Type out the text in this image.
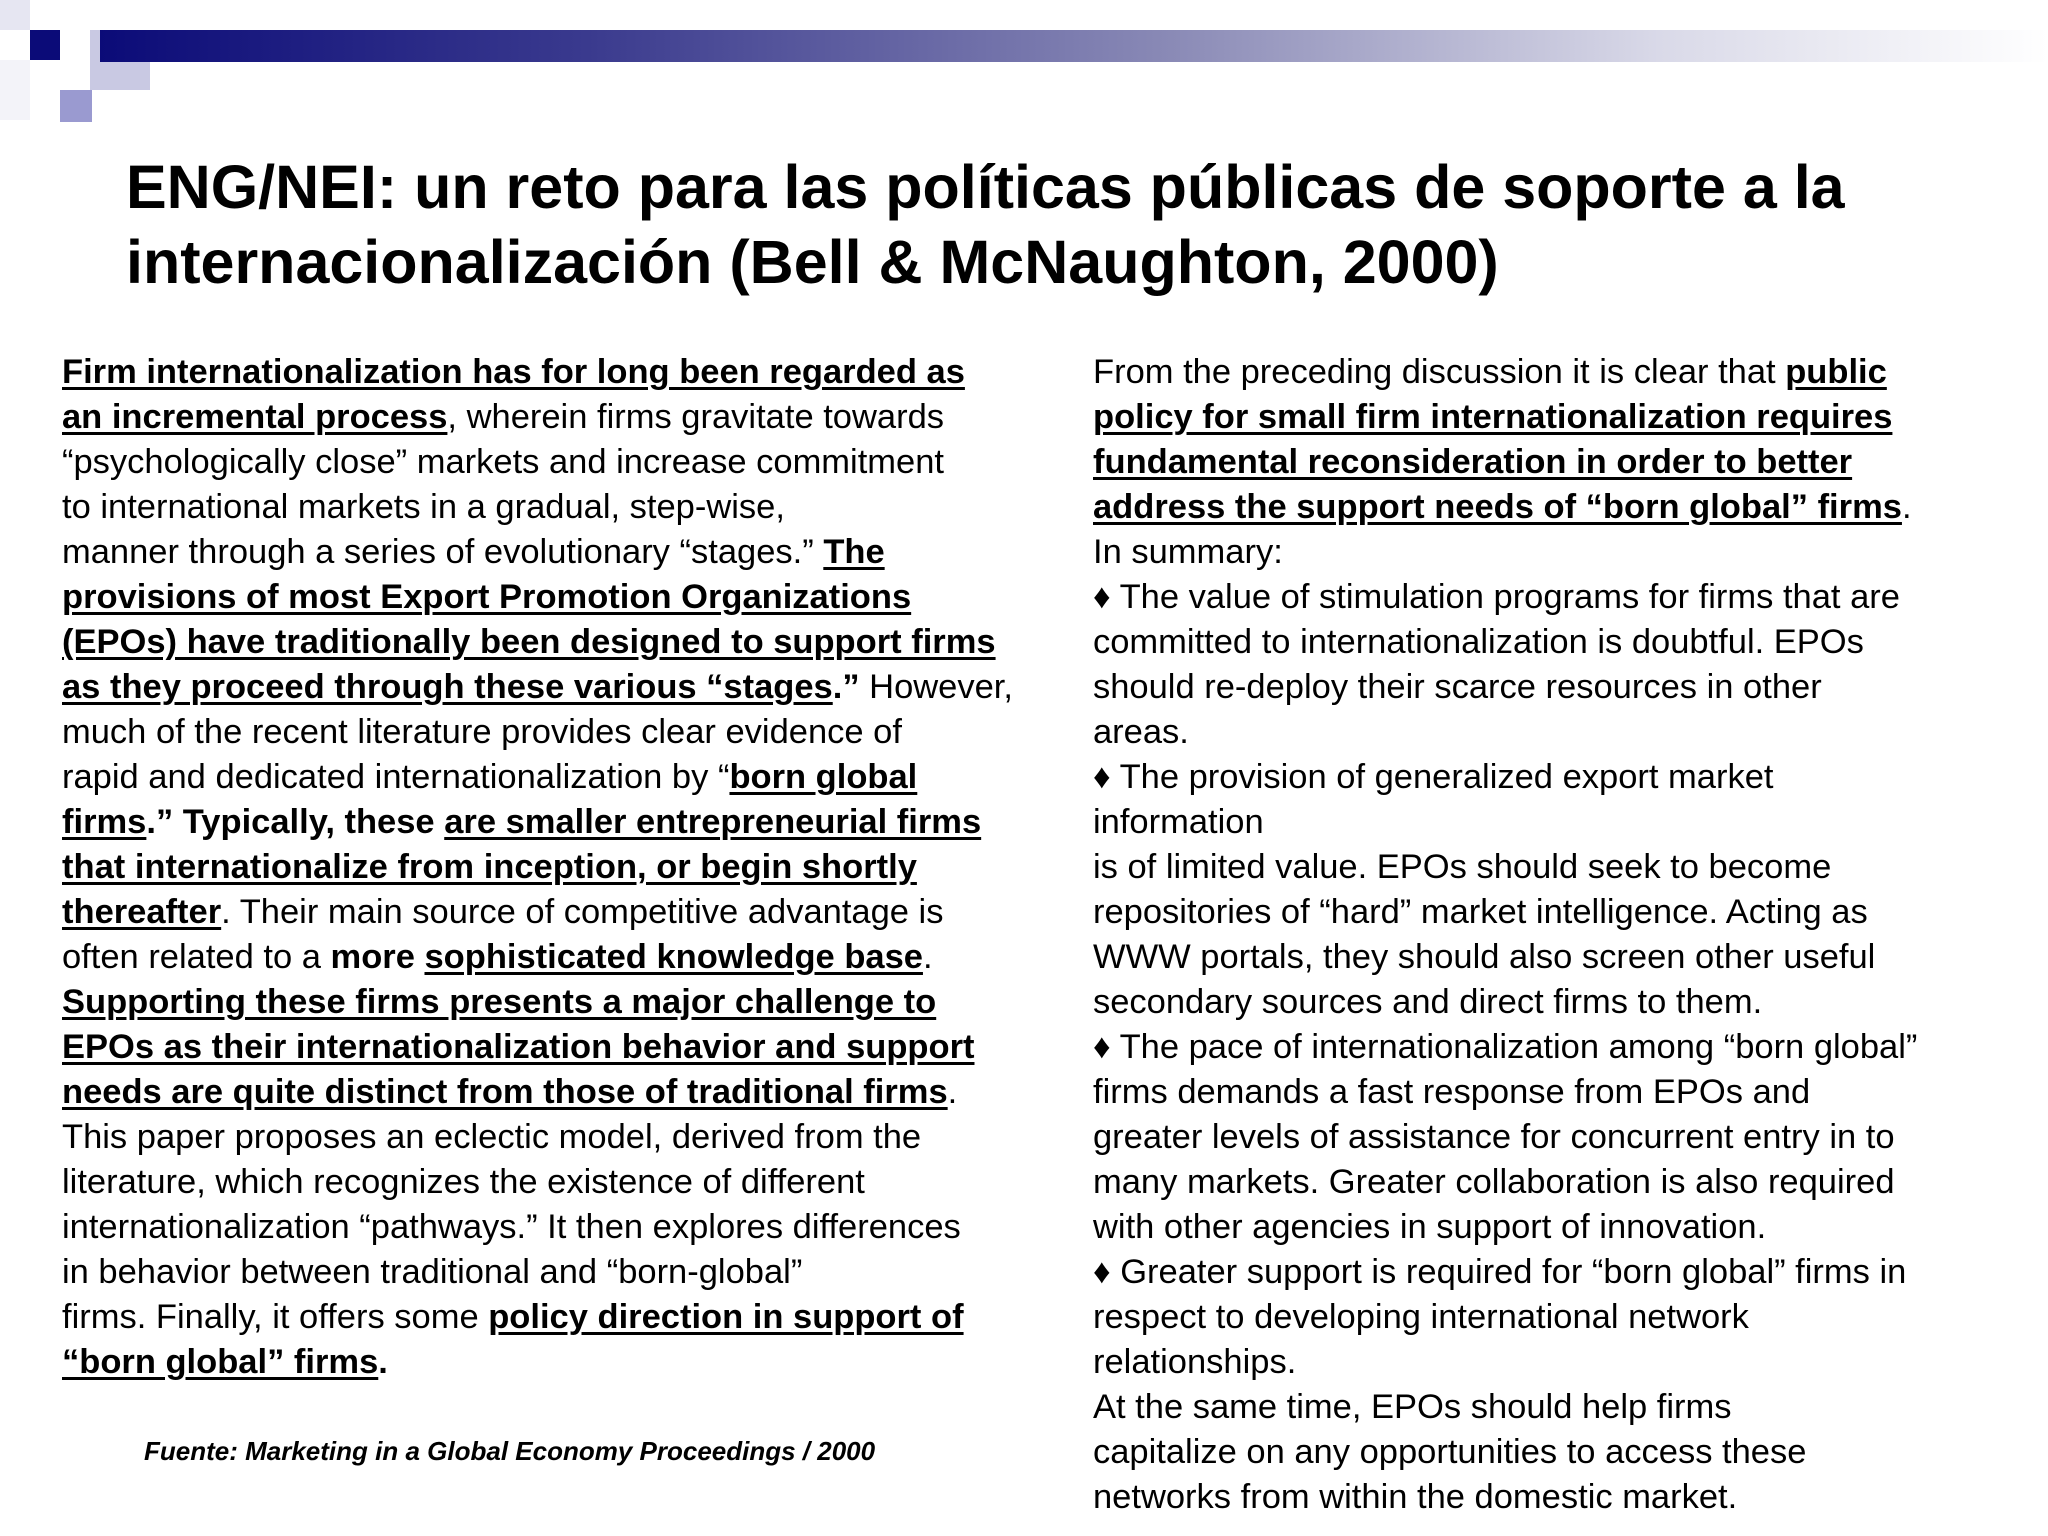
ENG/NEI: un reto para las políticas públicas de soporte a la
internacionalización (Bell & McNaughton, 2000)
Firm internationalization has for long been regarded as
an incremental process, wherein firms gravitate towards
“psychologically close” markets and increase commitment
to international markets in a gradual, step-wise,
manner through a series of evolutionary “stages.” The
provisions of most Export Promotion Organizations
(EPOs) have traditionally been designed to support firms
as they proceed through these various “stages.” However,
much of the recent literature provides clear evidence of
rapid and dedicated internationalization by “born global
firms.” Typically, these are smaller entrepreneurial firms
that internationalize from inception, or begin shortly
thereafter. Their main source of competitive advantage is
often related to a more sophisticated knowledge base.
Supporting these firms presents a major challenge to
EPOs as their internationalization behavior and support
needs are quite distinct from those of traditional firms.
This paper proposes an eclectic model, derived from the
literature, which recognizes the existence of different
internationalization “pathways.” It then explores differences
in behavior between traditional and “born-global”
firms. Finally, it offers some policy direction in support of
“born global” firms.
From the preceding discussion it is clear that public
policy for small firm internationalization requires
fundamental reconsideration in order to better
address the support needs of “born global” firms.
In summary:
♦ The value of stimulation programs for firms that are
committed to internationalization is doubtful. EPOs
should re-deploy their scarce resources in other
areas.
♦ The provision of generalized export market
information
is of limited value. EPOs should seek to become
repositories of “hard” market intelligence. Acting as
WWW portals, they should also screen other useful
secondary sources and direct firms to them.
♦ The pace of internationalization among “born global”
firms demands a fast response from EPOs and
greater levels of assistance for concurrent entry in to
many markets. Greater collaboration is also required
with other agencies in support of innovation.
♦ Greater support is required for “born global” firms in
respect to developing international network
relationships.
At the same time, EPOs should help firms
capitalize on any opportunities to access these
networks from within the domestic market.
Fuente: Marketing in a Global Economy Proceedings / 2000
